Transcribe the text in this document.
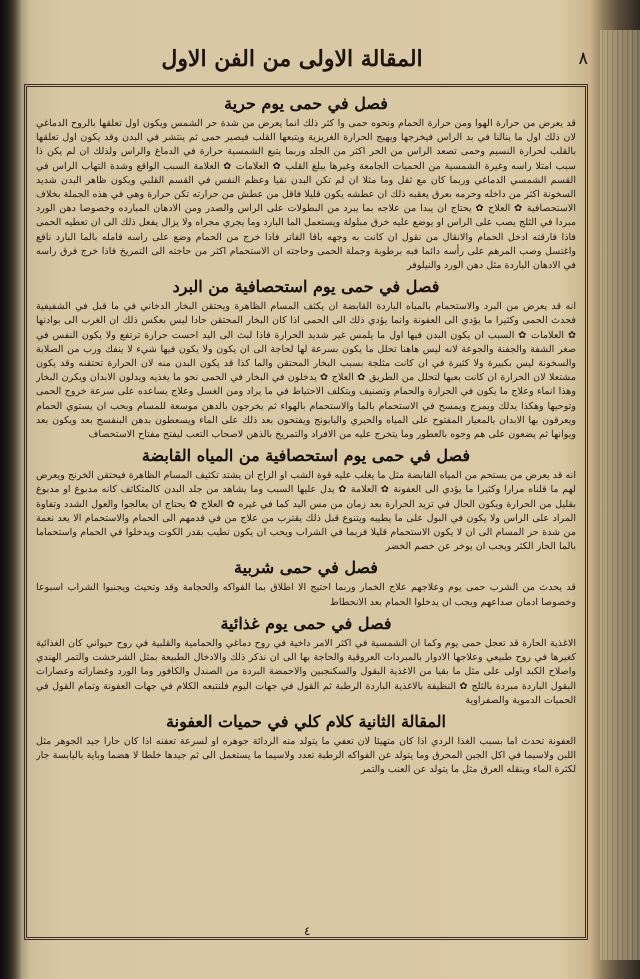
المقالة الاولى من الفن الاول	٨
فصل في حمى يوم حرية

قد يعرض من حرارة الهوا ومن حرارة الحمام ونحوه حمى وا كثر ذلك انما يعرض من شدة حر الشمس ويكون اول تعلقها بالروح الدماغي لان ذلك اول ما ينالنا في بد الراس فيخرجها ويهيج الحرارة الغريزية ويتبعها القلب فيصير حمى ثم ينتشر في البدن وقد يكون اول تعلقها بالقلب لحرارة النسيم وحمى تصعد الراس من الحر اكثر من الجلد وربما يتبع الشمسية حرارة في الدماغ والراس ولذلك ان لم يكن ذا سبب امتلا راسه وغيرة الشمسية من الحميات الجامعة وغيرها يبلغ القلب ✿ العلامات ✿ العلامة السبب الواقع وشدة التهاب الراس في القسم الشمسي الدماغي وربما كان مع ثقل وما مثلا ان لم تكن البدن نقيا وعظم النفس في القسم القلبي ويكون ظاهر البدن شديد السخونة اكثر من داخله وحرمه بعرق يعقبه ذلك ان عطشه يكون قليلا فاقل من عطش من حرارته تكن حرارة وهي في هذه الجملة بخلاف الاستحصافية ✿ العلاج ✿ يحتاج ان يبدا من علاجه بما يبرد من البطولات على الراس والصدر ومن الادهان المبارده وخصوصا دهن الورد مبردا في الثلج يصب على الراس او يوضع عليه خرق مبلولة ويستعمل الما البارد وما يجري مجراه ولا يزال يفعل ذلك الى ان تعطيه الحمى فاذا فارقته ادخل الحمام والانقال من نقول ان كانت به وجهه باقا الفاتر فاذا خرج من الحمام وضع على راسه فامله بالما البارد نافع واغتسل وصب المرهم على رأسه دائما فبه برطوبة وجملة الحمى وحاجته ان الاستحمام اكثر من حاجته الى التمريخ فاذا خرج فرق راسه في الادهان الباردة مثل دهن الورد والنيلوفر

فصل في حمى يوم استحصافية من البرد

انه قد يعرض من البرد والاستحمام بالمياه الباردة القابضة ان يكثف المسام الظاهرة ويحتقن البخار الدخاني في ما قبل في الشفيفية فحدث الحمى وكثيرا ما يؤدي الى العفونة وانما يؤدي ذلك الى الحمى اذا كان البخار المحتقن حادا ليس بعكس ذلك ان الغرب الى بوادنها ✿ العلامات ✿ السبب ان يكون البدن فيها اول ما يلمس غير شديد الحرارة فاذا لبث الى اليد احست حرارة ترتفع ولا يكون النفس في صغر الشفة والجفنة والجوعة لانه ليس هاهنا تحلل ما يكون بسرعة لها لحاجة الى ان يكون ولا يكون فيها شيء لا ينفك ورب من الصلابة والسخونة ليس بكبيرة ولا كثيرة في ان كانت مثلجة بسبب البخار المحتقن والما كذا قد يكون البدن منه لان الحرارة تحتقنه وقد يكون مشتعلا لان الحرارة ان كانت بعبها لتحلل من الطريق ✿ العلاج ✿ يدخلون في البخار في الحمى نحو ما يغذيه ويدلون الابدان ويكرن البخار وهذا انماء وعلاج ما يكون في الحرارة والحمام وتصنيف ويتكلف الاحتياط في ما يراد ومن الغسل وعلاج يساعده على سرعة خروج الحمى وتوحيها وهكذا يدلك ويمرج ويمسح في الاستحمام بالما والاستحمام بالهواء ثم يخرجون بالدهن موسعة للمسام وبحب ان يستوي الحمام ويعرقون بها الابدان بالمعيار المفتوح على المياه والحيري والبابونج ويفتحون بعد ذلك على الماء ويسعطون بدهن البنفسج بعد ويكون بعد ويوانها ثم يضعون على هم وجوه بالعطور وما يتخرج عليه من الافراد والتمريخ بالذهن لاصحاب التعب ليفتح مفتاح الاستحصاف

فصل في حمى يوم استحصافية من المياه القابضة

انه قد يعرض من يستحم من المياه القابضة مثل ما يغلب عليه قوة الشب او الزاج ان يشتد تكثيف المسام الظاهرة فيحتقن الخرنج ويعرض لهم ما قلناه مرارا وكثيرا ما يؤدي الى العفونة ✿ العلامة ✿ يدل عليها السبب وما يشاهد من جلد البدن كالمتكاثف كانه مدبوغ او مدبوغ بقليل من الحرارة ويكون الحال في تزيد الحرارة بعد زمان من مس اليد كما في غيره ✿ العلاج ✿ يحتاج ان يعالجوا والعول الشدد وتفاوة المراد على الراس ولا يكون في البول على ما يطيبه ويتنوع قبل ذلك يقترب من علاج من في قدمهم الى الحمام والاستحمام الا يعد نعمة من شدة حر المسام الى ان لا يكون الاستحمام قليلا فربما في الشراب ويحب ان يكون تطيب بقدر الكوت ويدخلوا في الحمام واستحماما بالما الحار الكثر ويجب ان يوخر عن خصم الخضر

فصل في حمى شربية

قد يحدث من الشرب حمى يوم وعلاجهم علاج الخمار وربما احتيج الا اطلاق بما الفواكه والحجامة وقد وتحيث ويجنبوا الشراب اسبوعا وخصوصا ادمان صداعهم ويجب ان يدخلوا الحمام بعد الانحطاط

فصل في حمى يوم غذائية

الاغذية الحارة قد تعجل حمى يوم وكما ان الشمسية في اكثر الامر داخية في روح دماغي والحمامية والقلبية في روح حيواني كان الغذائية كغيرها في روح طبيعي وعلاجها الادوار بالمبردات العروقية والحاجة بها الى ان نذكر ذلك والادخال الطبيعة بمثل الشرخشت والتمر الهندي واصلاح الكبد اولى على مثل ما بقيا من الاغذية البقول والسكنجبين والاحمضة البردة من الصندل والكافور وما الورد وغضاراته وعصارات البقول الباردة مبردة بالثلج ✿ النظيفة بالاغذية الباردة الرطبة ثم القول في جهات اليوم فلنتبعه الكلام في جهات العفونة وتمام القول في الحميات الدموية والصفراوية

المقالة الثانية كلام كلي في حميات العفونة

العفونة تحدث اما بسبب الغذا الردي اذا كان متهيئا لان تعفي ما يتولد منه الردائة جوهره او لسرعة تعفنه اذا كان حارا جيد الجوهر مثل اللبن ولاسيما في اكل الجبن المحرق وما يتولد عن الفواكه الرطبة تعدد ولاسيما ما يستعمل الى ثم جيدها خلطا لا هضما وباية باليابسة جار لكثرة الماء وينقله العرق مثل ما يتولد عن العنب والتمر

٤
